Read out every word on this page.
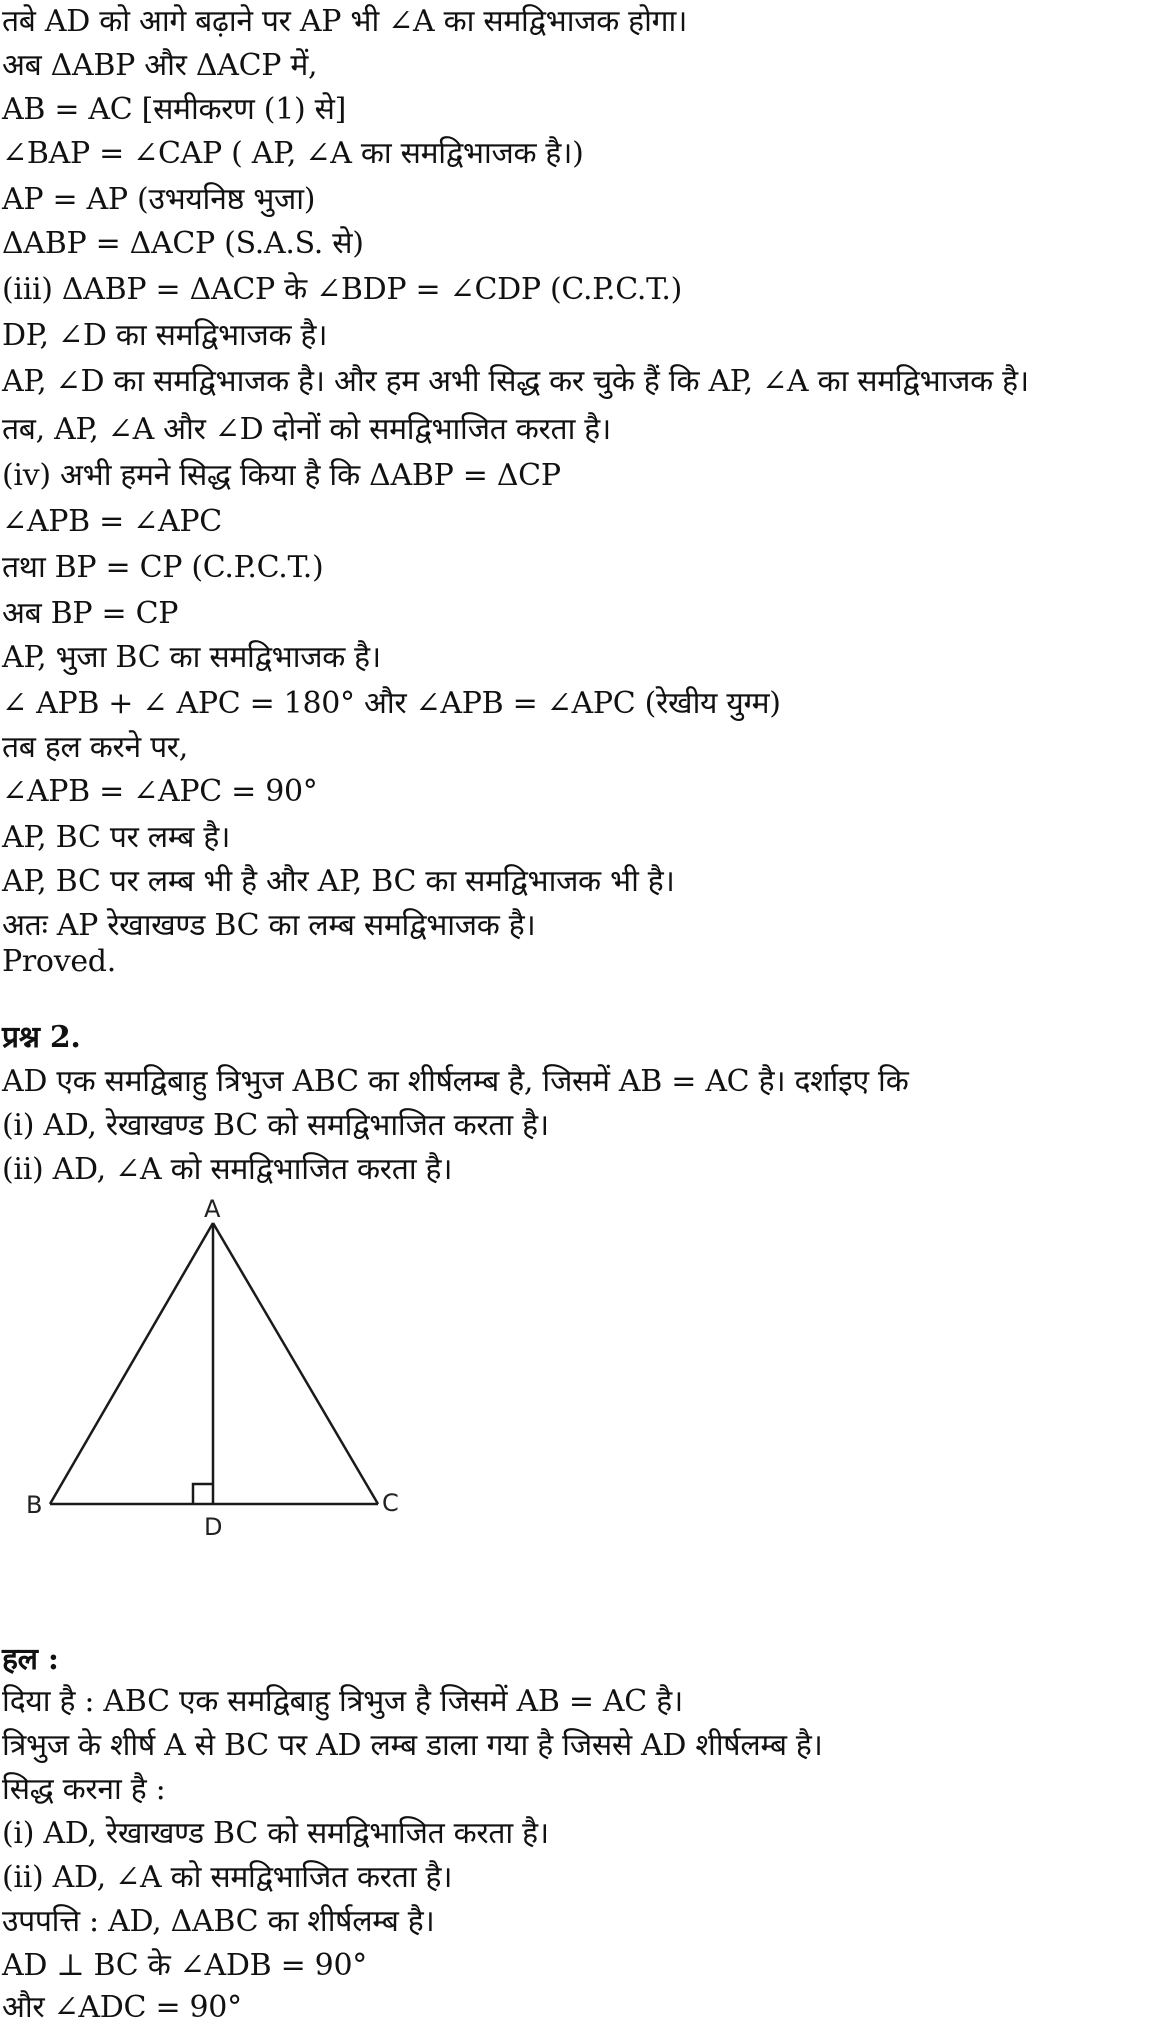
तबे AD को आगे बढ़ाने पर AP भी ∠A का समद्विभाजक होगा।
अब ΔABP और ΔACP में,
AB = AC [समीकरण (1) से]
∠BAP = ∠CAP ( AP, ∠A का समद्विभाजक है।)
AP = AP (उभयनिष्ठ भुजा)
ΔABP = ΔACP (S.A.S. से)
(iii) ΔABP = ΔACP के ∠BDP = ∠CDP (C.P.C.T.)
DP, ∠D का समद्विभाजक है।
AP, ∠D का समद्विभाजक है। और हम अभी सिद्ध कर चुके हैं कि AP, ∠A का समद्विभाजक है।
तब, AP, ∠A और ∠D दोनों को समद्विभाजित करता है।
(iv) अभी हमने सिद्ध किया है कि ΔABP = ΔCP
∠APB = ∠APC
तथा BP = CP (C.P.C.T.)
अब BP = CP
AP, भुजा BC का समद्विभाजक है।
∠ APB + ∠ APC = 180° और ∠APB = ∠APC (रेखीय युग्म)
तब हल करने पर,
∠APB = ∠APC = 90°
AP, BC पर लम्ब है।
AP, BC पर लम्ब भी है और AP, BC का समद्विभाजक भी है।
अतः AP रेखाखण्ड BC का लम्ब समद्विभाजक है।
Proved.
प्रश्न 2.
AD एक समद्विबाहु त्रिभुज ABC का शीर्षलम्ब है, जिसमें AB = AC है। दर्शाइए कि
(i) AD, रेखाखण्ड BC को समद्विभाजित करता है।
(ii) AD, ∠A को समद्विभाजित करता है।
A
B	C
D
हल :
दिया है : ABC एक समद्विबाहु त्रिभुज है जिसमें AB = AC है।
त्रिभुज के शीर्ष A से BC पर AD लम्ब डाला गया है जिससे AD शीर्षलम्ब है।
सिद्ध करना है :
(i) AD, रेखाखण्ड BC को समद्विभाजित करता है।
(ii) AD, ∠A को समद्विभाजित करता है।
उपपत्ति : AD, ΔABC का शीर्षलम्ब है।
AD ⊥ BC के ∠ADB = 90°
और ∠ADC = 90°
